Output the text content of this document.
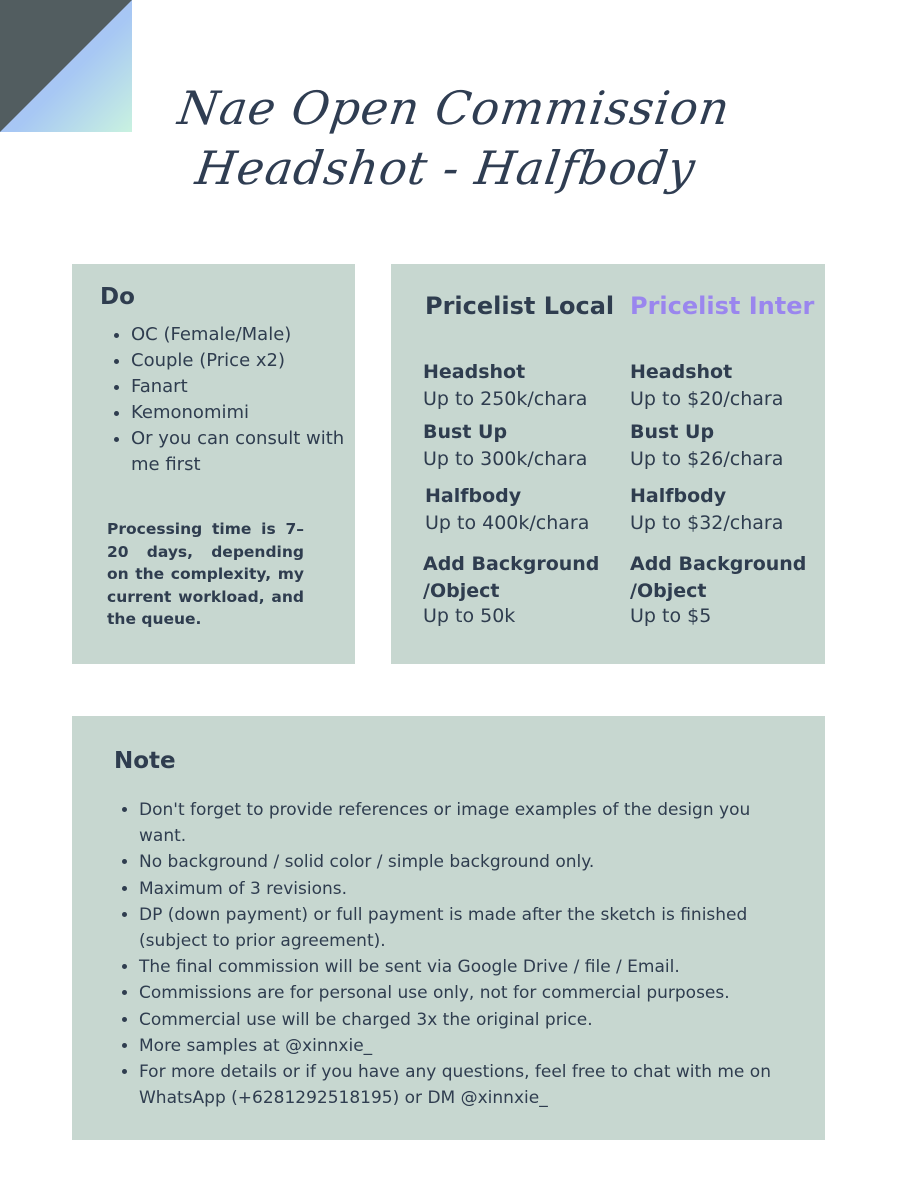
Nae Open Commission
Headshot - Halfbody
Do
• OC (Female/Male)
• Couple (Price x2)
• Fanart
• Kemonomimi
• Or you can consult with me first
Processing time is 7–20 days, depending on the complexity, my current workload, and the queue.
Pricelist Local Pricelist Inter
Headshot
Up to 250k/chara
Bust Up
Up to 300k/chara
Halfbody
Up to 400k/chara
Add Background /Object
Up to 50k
Headshot
Up to $20/chara
Bust Up
Up to $26/chara
Halfbody
Up to $32/chara
Add Background /Object
Up to $5
Note
• Don't forget to provide references or image examples of the design you want.
• No background / solid color / simple background only.
• Maximum of 3 revisions.
• DP (down payment) or full payment is made after the sketch is finished (subject to prior agreement).
• The final commission will be sent via Google Drive / file / Email.
• Commissions are for personal use only, not for commercial purposes.
• Commercial use will be charged 3x the original price.
• More samples at @xinnxie_
• For more details or if you have any questions, feel free to chat with me on WhatsApp (+6281292518195) or DM @xinnxie_
